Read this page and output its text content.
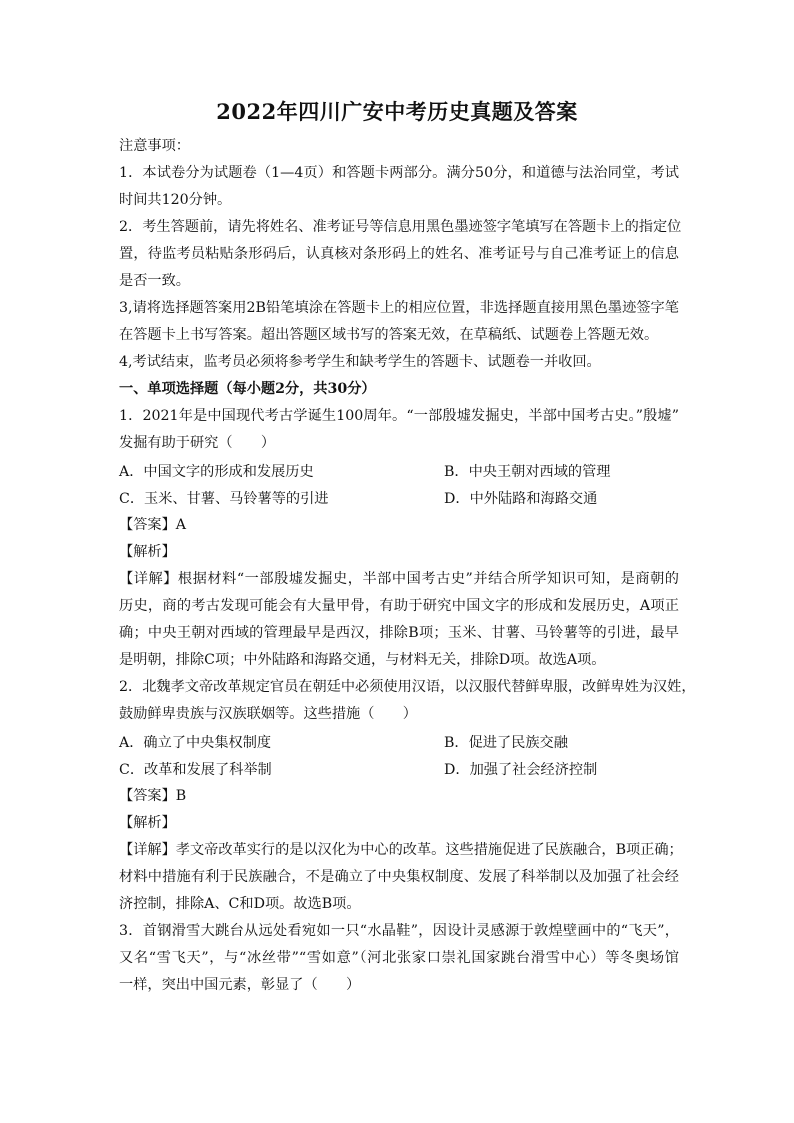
2022年四川广安中考历史真题及答案
注意事项：
1．本试卷分为试题卷（1—4页）和答题卡两部分。满分50分，和道德与法治同堂，考试
时间共120分钟。
2．考生答题前，请先将姓名、准考证号等信息用黑色墨迹签字笔填写在答题卡上的指定位
置，待监考员粘贴条形码后，认真核对条形码上的姓名、准考证号与自己准考证上的信息
是否一致。
3,请将选择题答案用2B铅笔填涂在答题卡上的相应位置，非选择题直接用黑色墨迹签字笔
在答题卡上书写答案。超出答题区域书写的答案无效，在草稿纸、试题卷上答题无效。
4,考试结束，监考员必须将参考学生和缺考学生的答题卡、试题卷一并收回。
一、单项选择题（每小题2分，共30分）
1．2021年是中国现代考古学诞生100周年。“一部殷墟发掘史，半部中国考古史。”殷墟”
发掘有助于研究（　　）
A．中国文字的形成和发展历史	B．中央王朝对西域的管理
C．玉米、甘薯、马铃薯等的引进	D．中外陆路和海路交通
【答案】A
【解析】
【详解】根据材料“一部殷墟发掘史，半部中国考古史”并结合所学知识可知，是商朝的
历史，商的考古发现可能会有大量甲骨，有助于研究中国文字的形成和发展历史，A项正
确；中央王朝对西域的管理最早是西汉，排除B项；玉米、甘薯、马铃薯等的引进，最早
是明朝，排除C项；中外陆路和海路交通，与材料无关，排除D项。故选A项。
2．北魏孝文帝改革规定官员在朝廷中必须使用汉语，以汉服代替鲜卑服，改鲜卑姓为汉姓，
鼓励鲜卑贵族与汉族联姻等。这些措施（　　）
A．确立了中央集权制度	B．促进了民族交融
C．改革和发展了科举制	D．加强了社会经济控制
【答案】B
【解析】
【详解】孝文帝改革实行的是以汉化为中心的改革。这些措施促进了民族融合，B项正确；
材料中措施有利于民族融合，不是确立了中央集权制度、发展了科举制以及加强了社会经
济控制，排除A、C和D项。故选B项。
3．首钢滑雪大跳台从远处看宛如一只“水晶鞋”，因设计灵感源于敦煌壁画中的“飞天”，
又名“雪飞天”，与“冰丝带”“雪如意”（河北张家口崇礼国家跳台滑雪中心）等冬奥场馆
一样，突出中国元素，彰显了（　　）
